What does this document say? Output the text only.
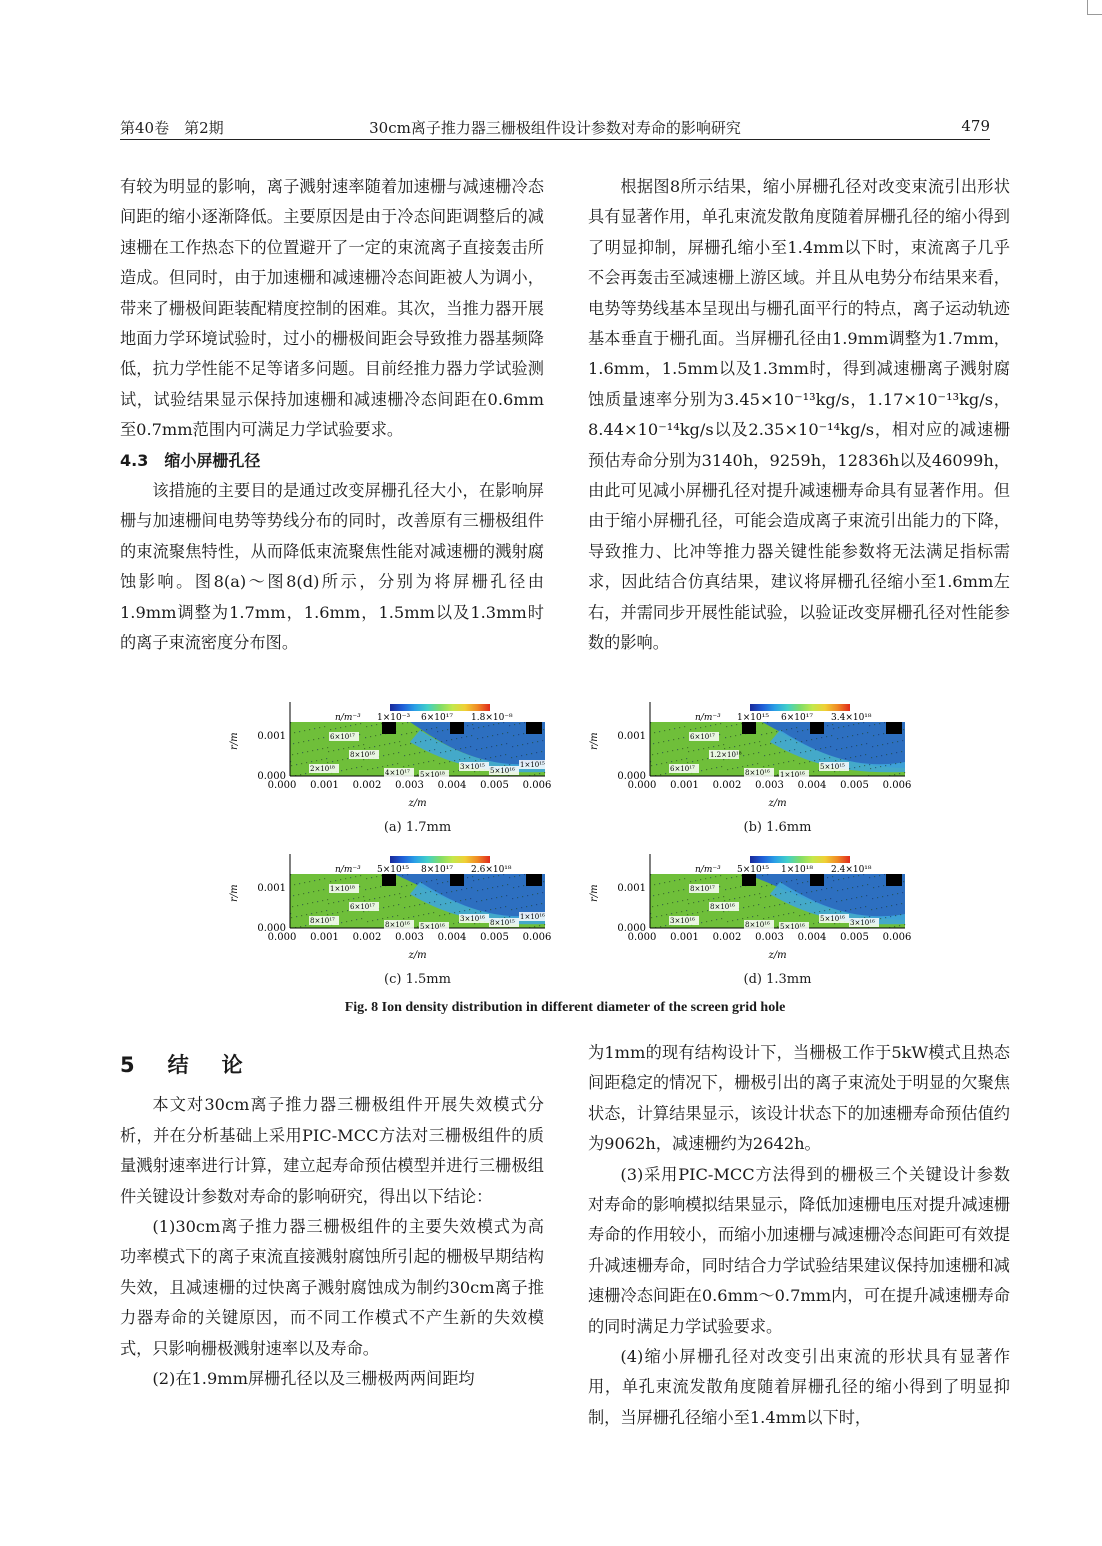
第40卷　第2期	30cm离子推力器三栅极组件设计参数对寿命的影响研究	479

有较为明显的影响，离子溅射速率随着加速栅与减速栅冷态间距的缩小逐渐降低。主要原因是由于冷态间距调整后的减速栅在工作热态下的位置避开了一定的束流离子直接轰击所造成。但同时，由于加速栅和减速栅冷态间距被人为调小，带来了栅极间距装配精度控制的困难。其次，当推力器开展地面力学环境试验时，过小的栅极间距会导致推力器基频降低，抗力学性能不足等诸多问题。目前经推力器力学试验测试，试验结果显示保持加速栅和减速栅冷态间距在0.6mm至0.7mm范围内可满足力学试验要求。

4.3　缩小屏栅孔径

该措施的主要目的是通过改变屏栅孔径大小，在影响屏栅与加速栅间电势等势线分布的同时，改善原有三栅极组件的束流聚焦特性，从而降低束流聚焦性能对减速栅的溅射腐蚀影响。图8(a)～图8(d)所示，分别为将屏栅孔径由1.9mm调整为1.7mm，1.6mm，1.5mm以及1.3mm时的离子束流密度分布图。

根据图8所示结果，缩小屏栅孔径对改变束流引出形状具有显著作用，单孔束流发散角度随着屏栅孔径的缩小得到了明显抑制，屏栅孔缩小至1.4mm以下时，束流离子几乎不会再轰击至减速栅上游区域。并且从电势分布结果来看，电势等势线基本呈现出与栅孔面平行的特点，离子运动轨迹基本垂直于栅孔面。当屏栅孔径由1.9mm调整为1.7mm，1.6mm，1.5mm以及1.3mm时，得到减速栅离子溅射腐蚀质量速率分别为3.45×10⁻¹³kg/s，1.17×10⁻¹³kg/s，8.44×10⁻¹⁴kg/s以及2.35×10⁻¹⁴kg/s，相对应的减速栅预估寿命分别为3140h，9259h，12836h以及46099h，由此可见减小屏栅孔径对提升减速栅寿命具有显著作用。但由于缩小屏栅孔径，可能会造成离子束流引出能力的下降，导致推力、比冲等推力器关键性能参数将无法满足指标需求，因此结合仿真结果，建议将屏栅孔径缩小至1.6mm左右，并需同步开展性能试验，以验证改变屏栅孔径对性能参数的影响。

n/m⁻³ 1×10⁻³ 6×10¹⁷ 1.8×10⁻⁸
6×10¹⁷
8×10¹⁶
2×10¹⁸	4×10¹⁷ 5×10¹⁸
3×10¹⁵ 5×10¹⁶
1×10¹⁵
0.001
0.000
r/m
0.000 0.001 0.002 0.003 0.004 0.005 0.006
z/m
(a) 1.7mm
n/m⁻³ 1×10¹⁵ 6×10¹⁷ 3.4×10¹⁸
6×10¹⁷
1.2×10¹⁸
6×10¹⁷	8×10¹⁶ 1×10¹⁶
5×10¹⁵
0.001
0.000
r/m
0.000 0.001 0.002 0.003 0.004 0.005 0.006
z/m
(b) 1.6mm
n/m⁻³ 5×10¹⁵ 8×10¹⁷ 2.6×10¹⁸
1×10¹⁸
6×10¹⁷
8×10¹⁷	8×10¹⁶ 5×10¹⁶
3×10¹⁶ 8×10¹⁵
1×10¹⁶
0.001
0.000
r/m
0.000 0.001 0.002 0.003 0.004 0.005 0.006
z/m
(c) 1.5mm
n/m⁻³ 5×10¹⁵ 1×10¹⁸ 2.4×10¹⁸
8×10¹⁷
8×10¹⁶
3×10¹⁶	8×10¹⁶ 5×10¹⁶
5×10¹⁶ 3×10¹⁶
0.001
0.000
r/m
0.000 0.001 0.002 0.003 0.004 0.005 0.006
z/m
(d) 1.3mm
Fig. 8 Ion density distribution in different diameter of the screen grid hole

5　结　论

本文对30cm离子推力器三栅极组件开展失效模式分析，并在分析基础上采用PIC-MCC方法对三栅极组件的质量溅射速率进行计算，建立起寿命预估模型并进行三栅极组件关键设计参数对寿命的影响研究，得出以下结论：

(1)30cm离子推力器三栅极组件的主要失效模式为高功率模式下的离子束流直接溅射腐蚀所引起的栅极早期结构失效，且减速栅的过快离子溅射腐蚀成为制约30cm离子推力器寿命的关键原因，而不同工作模式不产生新的失效模式，只影响栅极溅射速率以及寿命。

(2)在1.9mm屏栅孔径以及三栅极两两间距均

为1mm的现有结构设计下，当栅极工作于5kW模式且热态间距稳定的情况下，栅极引出的离子束流处于明显的欠聚焦状态，计算结果显示，该设计状态下的加速栅寿命预估值约为9062h，减速栅约为2642h。

(3)采用PIC-MCC方法得到的栅极三个关键设计参数对寿命的影响模拟结果显示，降低加速栅电压对提升减速栅寿命的作用较小，而缩小加速栅与减速栅冷态间距可有效提升减速栅寿命，同时结合力学试验结果建议保持加速栅和减速栅冷态间距在0.6mm～0.7mm内，可在提升减速栅寿命的同时满足力学试验要求。

(4)缩小屏栅孔径对改变引出束流的形状具有显著作用，单孔束流发散角度随着屏栅孔径的缩小得到了明显抑制，当屏栅孔径缩小至1.4mm以下时，
